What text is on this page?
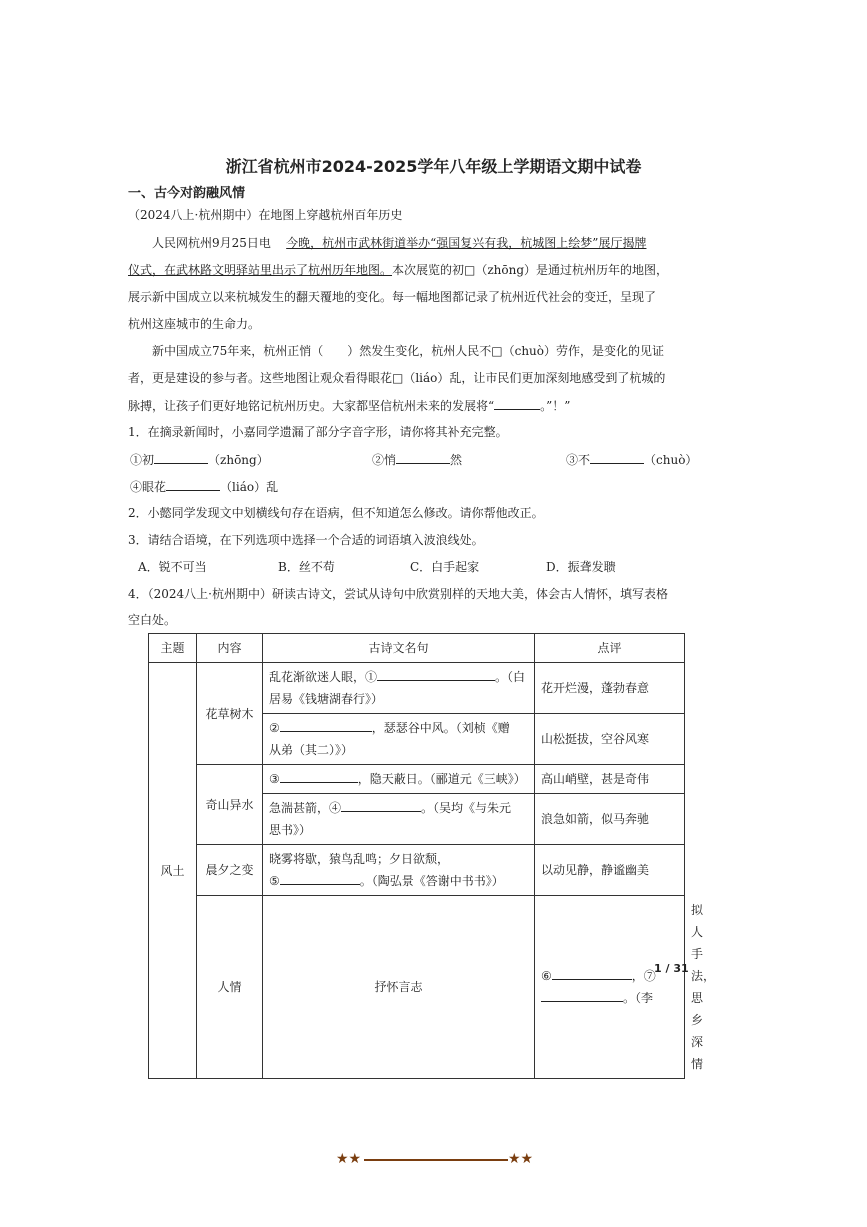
浙江省杭州市2024-2025学年八年级上学期语文期中试卷
一、古今对韵融风情
（2024八上·杭州期中）在地图上穿越杭州百年历史
人民网杭州9月25日电 今晚，杭州市武林街道举办“强国复兴有我，杭城图上绘梦”展厅揭牌
仪式，在武林路文明驿站里出示了杭州历年地图。本次展览的初□（zhōng）是通过杭州历年的地图，
展示新中国成立以来杭城发生的翻天覆地的变化。每一幅地图都记录了杭州近代社会的变迁，呈现了
杭州这座城市的生命力。
新中国成立75年来，杭州正悄（　　）然发生变化，杭州人民不□（chuò）劳作，是变化的见证
者，更是建设的参与者。这些地图让观众看得眼花□（liáo）乱，让市民们更加深刻地感受到了杭城的
脉搏，让孩子们更好地铭记杭州历史。大家都坚信杭州未来的发展将“	。”！”
1．在摘录新闻时，小嘉同学遗漏了部分字音字形，请你将其补充完整。
①初	（zhōng）	②悄	然	③不	（chuò）
④眼花	（liáo）乱
2．小懿同学发现文中划横线句存在语病，但不知道怎么修改。请你帮他改正。
3．请结合语境，在下列选项中选择一个合适的词语填入波浪线处。
A．锐不可当	B．丝不苟	C．白手起家	D．振聋发聩
4．（2024八上·杭州期中）研读古诗文，尝试从诗句中欣赏别样的天地大美，体会古人情怀，填写表格
空白处。
主题	内容	古诗文名句	点评	
风土	花草树木	乱花渐欲迷人眼，① 。（白
居易《钱塘湖春行》）	花开烂漫，蓬勃春意	
		② ，瑟瑟谷中风。（刘桢《赠
从弟（其二）》）	山松挺拔，空谷风寒	
	奇山异水	③ ，隐天蔽日。（郦道元《三峡》）	高山峭壁，甚是奇伟	
		急湍甚箭，④ 。（吴均《与朱元
思书》）	浪急如箭，似马奔驰	
	晨夕之变	晓雾将歇，猿鸟乱鸣；夕日欲颓，
⑤ 。（陶弘景《答谢中书书》）	以动见静，静谧幽美	
	人情	抒怀言志	⑥ ，⑦。（李	拟人手法，思乡深情
1 / 31
★★	★★
